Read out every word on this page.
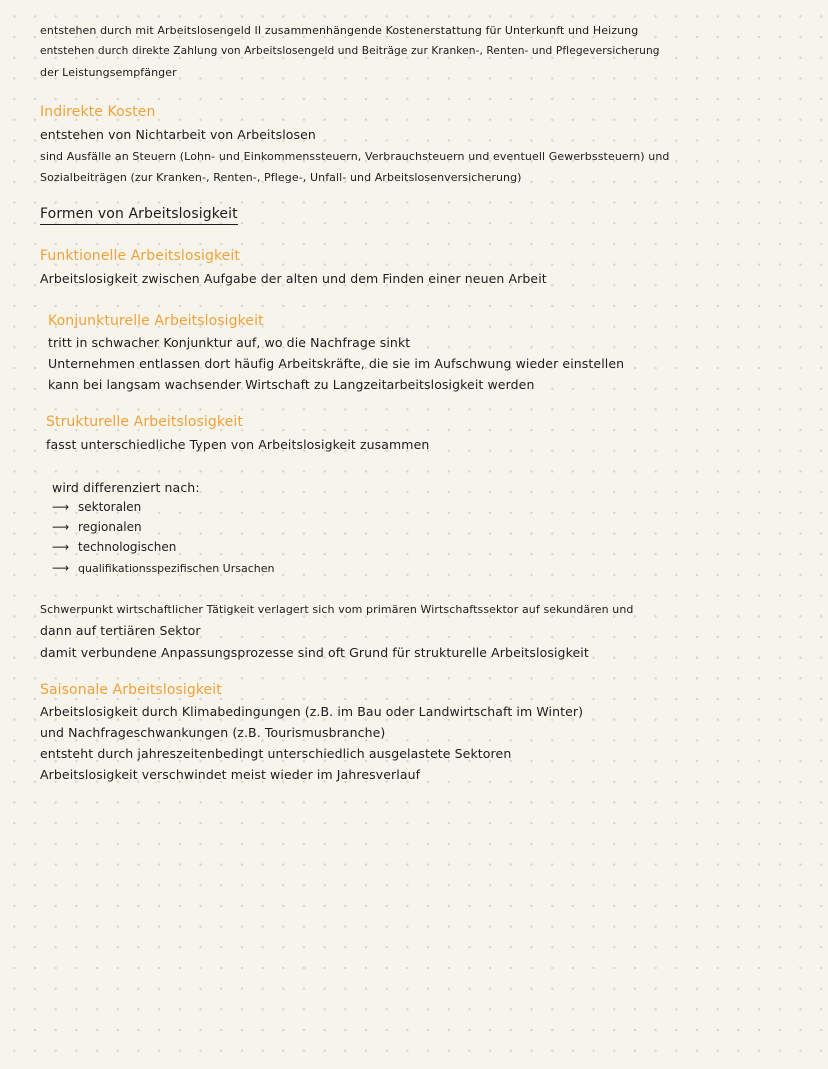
entstehen durch mit Arbeitslosengeld II zusammenhängende Kostenerstattung für Unterkunft und Heizung
entstehen durch direkte Zahlung von Arbeitslosengeld und Beiträge zur Kranken-, Renten- und Pflegeversicherung
der Leistungsempfänger
Indirekte Kosten
entstehen von Nichtarbeit von Arbeitslosen
sind Ausfälle an Steuern (Lohn- und Einkommenssteuern, Verbrauchsteuern und eventuell Gewerbssteuern) und
Sozialbeiträgen (zur Kranken-, Renten-, Pflege-, Unfall- und Arbeitslosenversicherung)
Formen von Arbeitslosigkeit
Funktionelle Arbeitslosigkeit
Arbeitslosigkeit zwischen Aufgabe der alten und dem Finden einer neuen Arbeit
Konjunkturelle Arbeitslosigkeit
tritt in schwacher Konjunktur auf, wo die Nachfrage sinkt
Unternehmen entlassen dort häufig Arbeitskräfte, die sie im Aufschwung wieder einstellen
kann bei langsam wachsender Wirtschaft zu Langzeitarbeitslosigkeit werden
Strukturelle Arbeitslosigkeit
fasst unterschiedliche Typen von Arbeitslosigkeit zusammen
wird differenziert nach:
⟶ sektoralen
⟶ regionalen
⟶ technologischen
⟶ qualifikationsspezifischen Ursachen
Schwerpunkt wirtschaftlicher Tätigkeit verlagert sich vom primären Wirtschaftssektor auf sekundären und
dann auf tertiären Sektor
damit verbundene Anpassungsprozesse sind oft Grund für strukturelle Arbeitslosigkeit
Saisonale Arbeitslosigkeit
Arbeitslosigkeit durch Klimabedingungen (z.B. im Bau oder Landwirtschaft im Winter)
und Nachfrageschwankungen (z.B. Tourismusbranche)
entsteht durch jahreszeitenbedingt unterschiedlich ausgelastete Sektoren
Arbeitslosigkeit verschwindet meist wieder im Jahresverlauf
